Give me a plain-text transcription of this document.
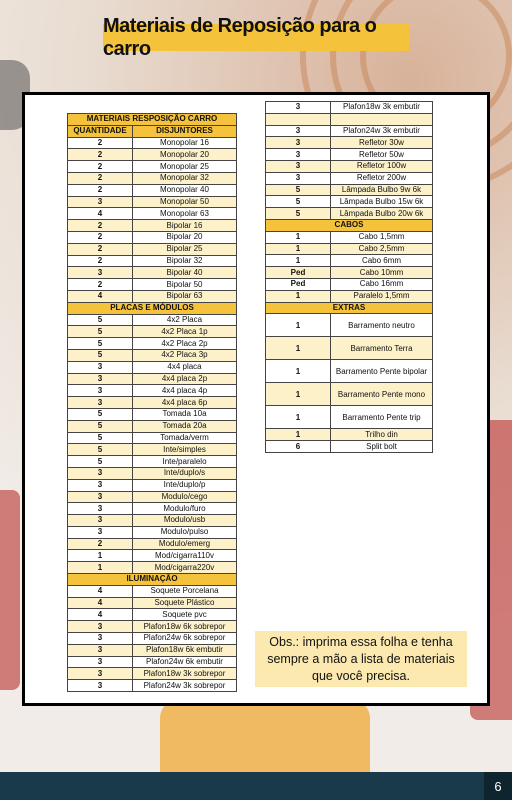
Materiais de Reposição para o carro
MATERIAIS RESPOSIÇÃO CARRO	
QUANTIDADE	DISJUNTORES
2	Monopolar 16
2	Monopolar 20
2	Monopolar 25
2	Monopolar 32
2	Monopolar 40
3	Monopolar 50
4	Monopolar 63
2	Bipolar 16
2	Bipolar 20
2	Bipolar 25
2	Bipolar 32
3	Bipolar 40
2	Bipolar 50
4	Bipolar 63
PLACAS E MÓDULOS	
5	4x2 Placa
5	4x2 Placa 1p
5	4x2 Placa 2p
5	4x2 Placa 3p
3	4x4 placa
3	4x4 placa 2p
3	4x4 placa 4p
3	4x4 placa 6p
5	Tomada 10a
5	Tomada 20a
5	Tomada/verm
5	Inte/simples
5	Inte/paralelo
3	Inte/duplo/s
3	Inte/duplo/p
3	Modulo/cego
3	Modulo/furo
3	Modulo/usb
3	Modulo/pulso
2	Modulo/emerg
1	Mod/cigarra110v
1	Mod/cigarra220v
ILUMINAÇÃO	
4	Soquete Porcelana
4	Soquete Plástico
4	Soquete pvc
3	Plafon18w 6k sobrepor
3	Plafon24w 6k sobrepor
3	Plafon18w 6k embutir
3	Plafon24w 6k embutir
3	Plafon18w 3k sobrepor
3	Plafon24w 3k sobrepor
3	Plafon18w 3k embutir

3	Plafon24w 3k embutir
3	Refletor 30w
3	Refletor 50w
3	Refletor 100w
3	Refletor 200w
5	Lâmpada Bulbo 9w 6k
5	Lâmpada Bulbo 15w 6k
5	Lâmpada Bulbo 20w 6k
CABOS	
1	Cabo 1,5mm
1	Cabo 2,5mm
1	Cabo 6mm
Ped	Cabo 10mm
Ped	Cabo 16mm
1	Paralelo 1,5mm
EXTRAS	
1	Barramento neutro
1	Barramento Terra
1	Barramento Pente bipolar
1	Barramento Pente mono
1	Barramento Pente trip
1	Trilho din
6	Split bolt
Obs.: imprima essa folha e tenha sempre a mão a lista de materiais que você precisa.
6
